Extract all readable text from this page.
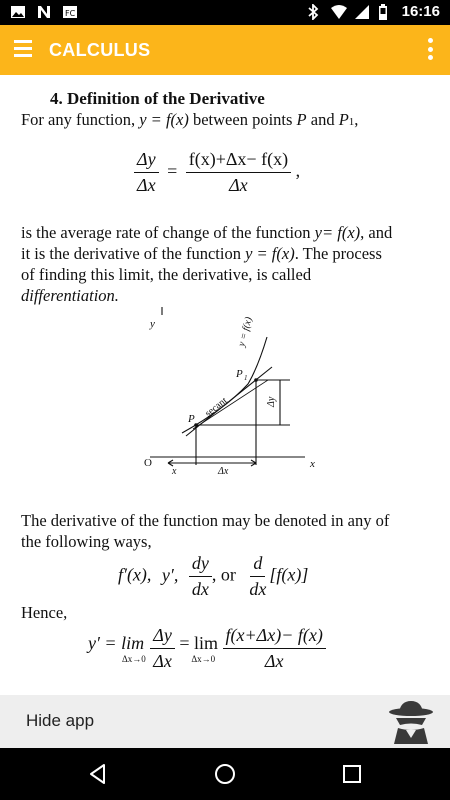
FC	16:16
CALCULUS
4. Definition of the Derivative
For any function, y = f(x) between points P and P1,
$\frac{\Delta y}{\Delta x} = \frac{f(x)+\Delta x- f(x)}{\Delta x}$ ,
is the average rate of change of the function y= f(x), and
it is the derivative of the function y = f(x). The process
of finding this limit, the derivative, is called
differentiation.
y
x
O
y = f(x)
secant
P
P 1
Δy
x	Δx
The derivative of the function may be denoted in any of
the following ways,
f′(x), y′, $\frac{dy}{dx}$ , or $\frac{d}{dx} [f(x)]$
Hence,
y′ = lim
Δx→0
$\frac{\Delta y}{\Delta x}$
= lim
Δx→0
$\frac{f(x+\Delta x)- f(x)}{\Delta x}$
Hide app
